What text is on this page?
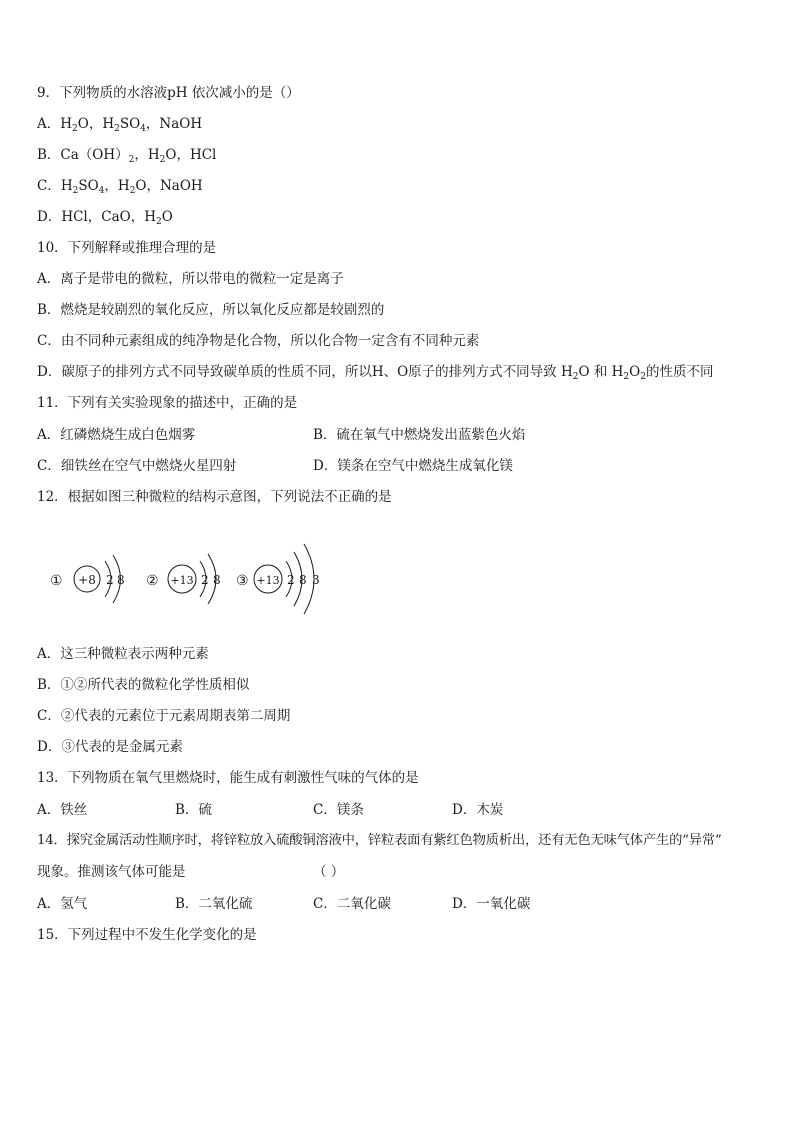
9．下列物质的水溶液pH 依次减小的是（）
A．$H_2O$，$H_2SO_4$，NaOH
B．$Ca(OH)_2$，$H_2O$，HCl
C．$H_2SO_4$，$H_2O$，NaOH
D．HCl，CaO，$H_2O$
10．下列解释或推理合理的是
A．离子是带电的微粒，所以带电的微粒一定是离子
B．燃烧是较剧烈的氧化反应，所以氧化反应都是较剧烈的
C．由不同种元素组成的纯净物是化合物，所以化合物一定含有不同种元素
D．碳原子的排列方式不同导致碳单质的性质不同，所以H、O原子的排列方式不同导致 $H_2O$ 和 $H_2O_2$的性质不同
11．下列有关实验现象的描述中，正确的是
A．红磷燃烧生成白色烟雾	B．硫在氧气中燃烧发出蓝紫色火焰
C．细铁丝在空气中燃烧火星四射	D．镁条在空气中燃烧生成氧化镁
12．根据如图三种微粒的结构示意图，下列说法不正确的是
① +8 2 8 ② +13 2 8 ③ +13 2 8 3
A．这三种微粒表示两种元素
B．①②所代表的微粒化学性质相似
C．②代表的元素位于元素周期表第二周期
D．③代表的是金属元素
13．下列物质在氧气里燃烧时，能生成有刺激性气味的气体的是
A．铁丝	B．硫	C．镁条	D．木炭
14．探究金属活动性顺序时，将锌粒放入硫酸铜溶液中，锌粒表面有紫红色物质析出，还有无色无味气体产生的“异常”
现象。推测该气体可能是	（ ）
A．氢气	B．二氧化硫	C．二氧化碳	D．一氧化碳
15．下列过程中不发生化学变化的是
